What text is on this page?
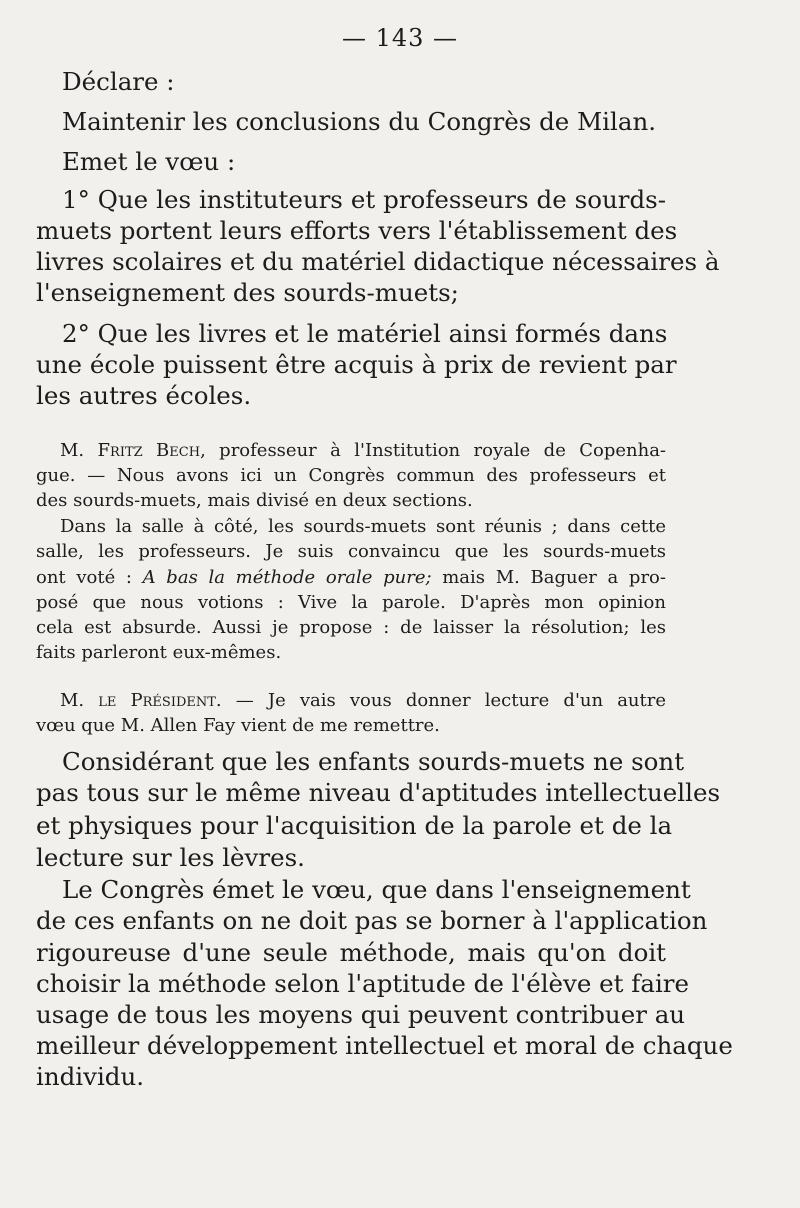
— 143 —
Déclare :
Maintenir les conclusions du Congrès de Milan.
Emet le vœu :
1° Que les instituteurs et professeurs de sourds-
muets portent leurs efforts vers l'établissement des
livres scolaires et du matériel didactique nécessaires à
l'enseignement des sourds-muets;
2° Que les livres et le matériel ainsi formés dans
une école puissent être acquis à prix de revient par
les autres écoles.
M. Fritz Bech, professeur à l'Institution royale de Copenha-
gue. — Nous avons ici un Congrès commun des professeurs et
des sourds-muets, mais divisé en deux sections.
Dans la salle à côté, les sourds-muets sont réunis ; dans cette
salle, les professeurs. Je suis convaincu que les sourds-muets
ont voté : A bas la méthode orale pure; mais M. Baguer a pro-
posé que nous votions : Vive la parole. D'après mon opinion
cela est absurde. Aussi je propose : de laisser la résolution; les
faits parleront eux-mêmes.
M. le Président. — Je vais vous donner lecture d'un autre
vœu que M. Allen Fay vient de me remettre.
Considérant que les enfants sourds-muets ne sont
pas tous sur le même niveau d'aptitudes intellectuelles
et physiques pour l'acquisition de la parole et de la
lecture sur les lèvres.
Le Congrès émet le vœu, que dans l'enseignement
de ces enfants on ne doit pas se borner à l'application
rigoureuse d'une seule méthode, mais qu'on doit
choisir la méthode selon l'aptitude de l'élève et faire
usage de tous les moyens qui peuvent contribuer au
meilleur développement intellectuel et moral de chaque
individu.
